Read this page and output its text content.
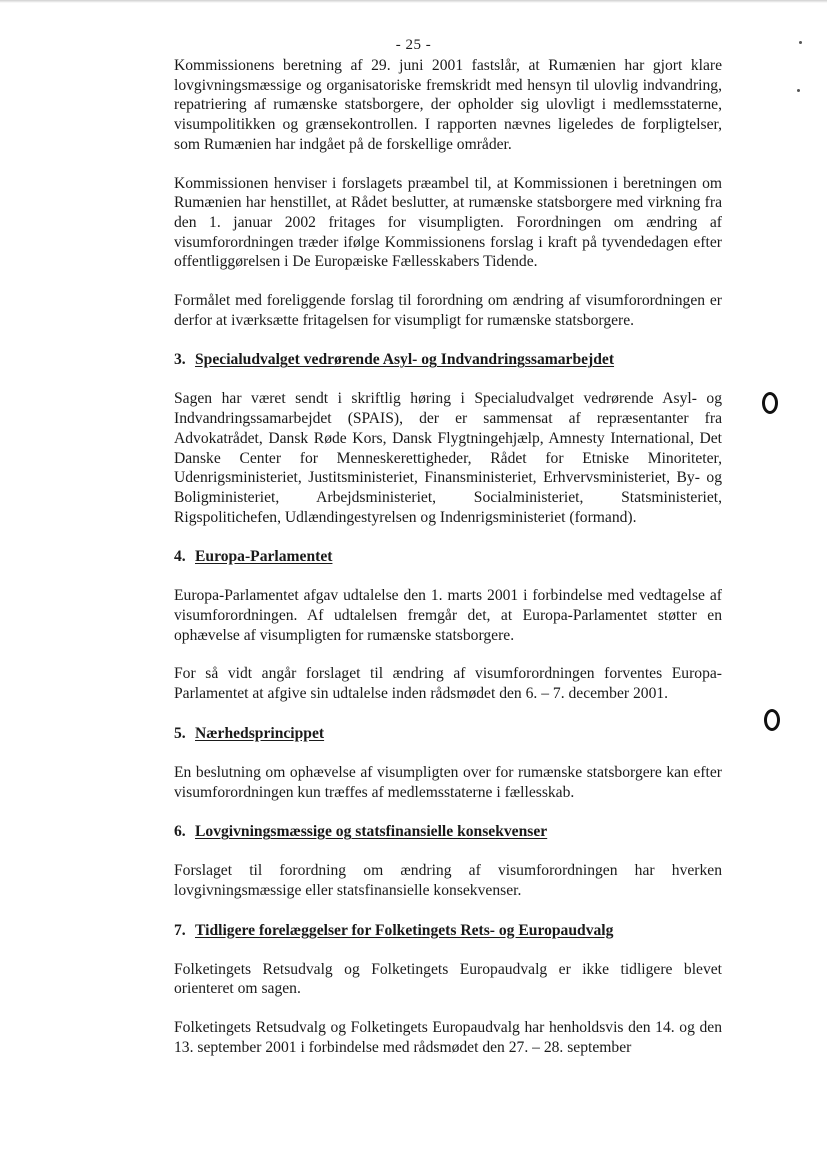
- 25 -

Kommissionens beretning af 29. juni 2001 fastslår, at Rumænien har gjort klare lovgivningsmæssige og organisatoriske fremskridt med hensyn til ulovlig indvandring, repatriering af rumænske statsborgere, der opholder sig ulovligt i medlemsstaterne, visumpolitikken og grænsekontrollen. I rapporten nævnes ligeledes de forpligtelser, som Rumænien har indgået på de forskellige områder.

Kommissionen henviser i forslagets præambel til, at Kommissionen i beretningen om Rumænien har henstillet, at Rådet beslutter, at rumænske statsborgere med virkning fra den 1. januar 2002 fritages for visumpligten. Forordningen om ændring af visumforordningen træder ifølge Kommissionens forslag i kraft på tyvendedagen efter offentliggørelsen i De Europæiske Fællesskabers Tidende.

Formålet med foreliggende forslag til forordning om ændring af visumforordningen er derfor at iværksætte fritagelsen for visumpligt for rumænske statsborgere.

3. Specialudvalget vedrørende Asyl- og Indvandringssamarbejdet

Sagen har været sendt i skriftlig høring i Specialudvalget vedrørende Asyl- og Indvandringssamarbejdet (SPAIS), der er sammensat af repræsentanter fra Advokatrådet, Dansk Røde Kors, Dansk Flygtningehjælp, Amnesty International, Det Danske Center for Menneskerettigheder, Rådet for Etniske Minoriteter, Udenrigsministeriet, Justitsministeriet, Finansministeriet, Erhvervsministeriet, By- og Boligministeriet, Arbejdsministeriet, Socialministeriet, Statsministeriet, Rigspolitichefen, Udlændingestyrelsen og Indenrigsministeriet (formand).

4. Europa-Parlamentet

Europa-Parlamentet afgav udtalelse den 1. marts 2001 i forbindelse med vedtagelse af visumforordningen. Af udtalelsen fremgår det, at Europa-Parlamentet støtter en ophævelse af visumpligten for rumænske statsborgere.

For så vidt angår forslaget til ændring af visumforordningen forventes Europa-Parlamentet at afgive sin udtalelse inden rådsmødet den 6. – 7. december 2001.

5. Nærhedsprincippet

En beslutning om ophævelse af visumpligten over for rumænske statsborgere kan efter visumforordningen kun træffes af medlemsstaterne i fællesskab.

6. Lovgivningsmæssige og statsfinansielle konsekvenser

Forslaget til forordning om ændring af visumforordningen har hverken lovgivningsmæssige eller statsfinansielle konsekvenser.

7. Tidligere forelæggelser for Folketingets Rets- og Europaudvalg

Folketingets Retsudvalg og Folketingets Europaudvalg er ikke tidligere blevet orienteret om sagen.

Folketingets Retsudvalg og Folketingets Europaudvalg har henholdsvis den 14. og den 13. september 2001 i forbindelse med rådsmødet den 27. – 28. september
